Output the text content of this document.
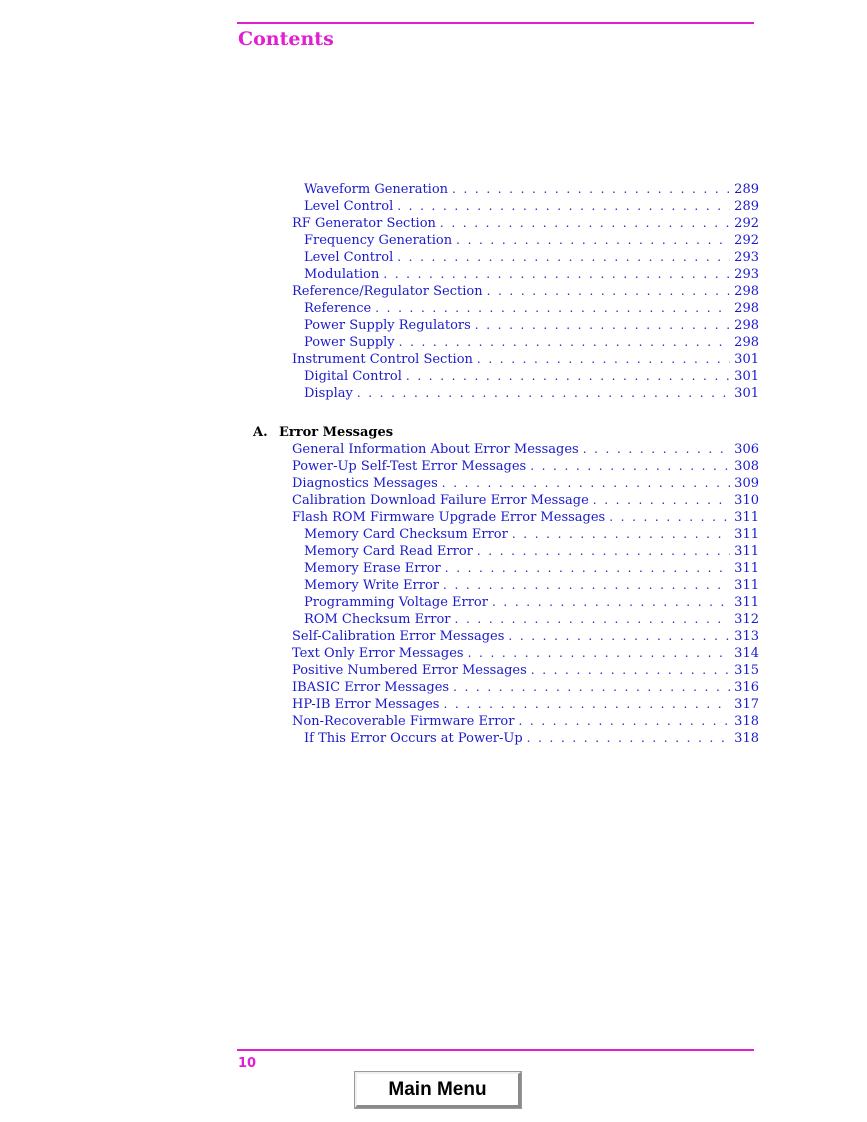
Contents
Waveform Generation . . .	289
Level Control . . .	289
RF Generator Section . . .	292
Frequency Generation . . .	292
Level Control . . .	293
Modulation . . .	293
Reference/Regulator Section . . .	298
Reference . . .	298
Power Supply Regulators . . .	298
Power Supply . . .	298
Instrument Control Section . . .	301
Digital Control . . .	301
Display . . .	301
A. Error Messages
General Information About Error Messages . . .	306
Power-Up Self-Test Error Messages . . .	308
Diagnostics Messages . . .	309
Calibration Download Failure Error Message . . .	310
Flash ROM Firmware Upgrade Error Messages . . .	311
Memory Card Checksum Error . . .	311
Memory Card Read Error . . .	311
Memory Erase Error . . .	311
Memory Write Error . . .	311
Programming Voltage Error . . .	311
ROM Checksum Error . . .	312
Self-Calibration Error Messages . . .	313
Text Only Error Messages . . .	314
Positive Numbered Error Messages . . .	315
IBASIC Error Messages . . .	316
HP-IB Error Messages . . .	317
Non-Recoverable Firmware Error . . .	318
If This Error Occurs at Power-Up . . .	318
10
Main Menu
